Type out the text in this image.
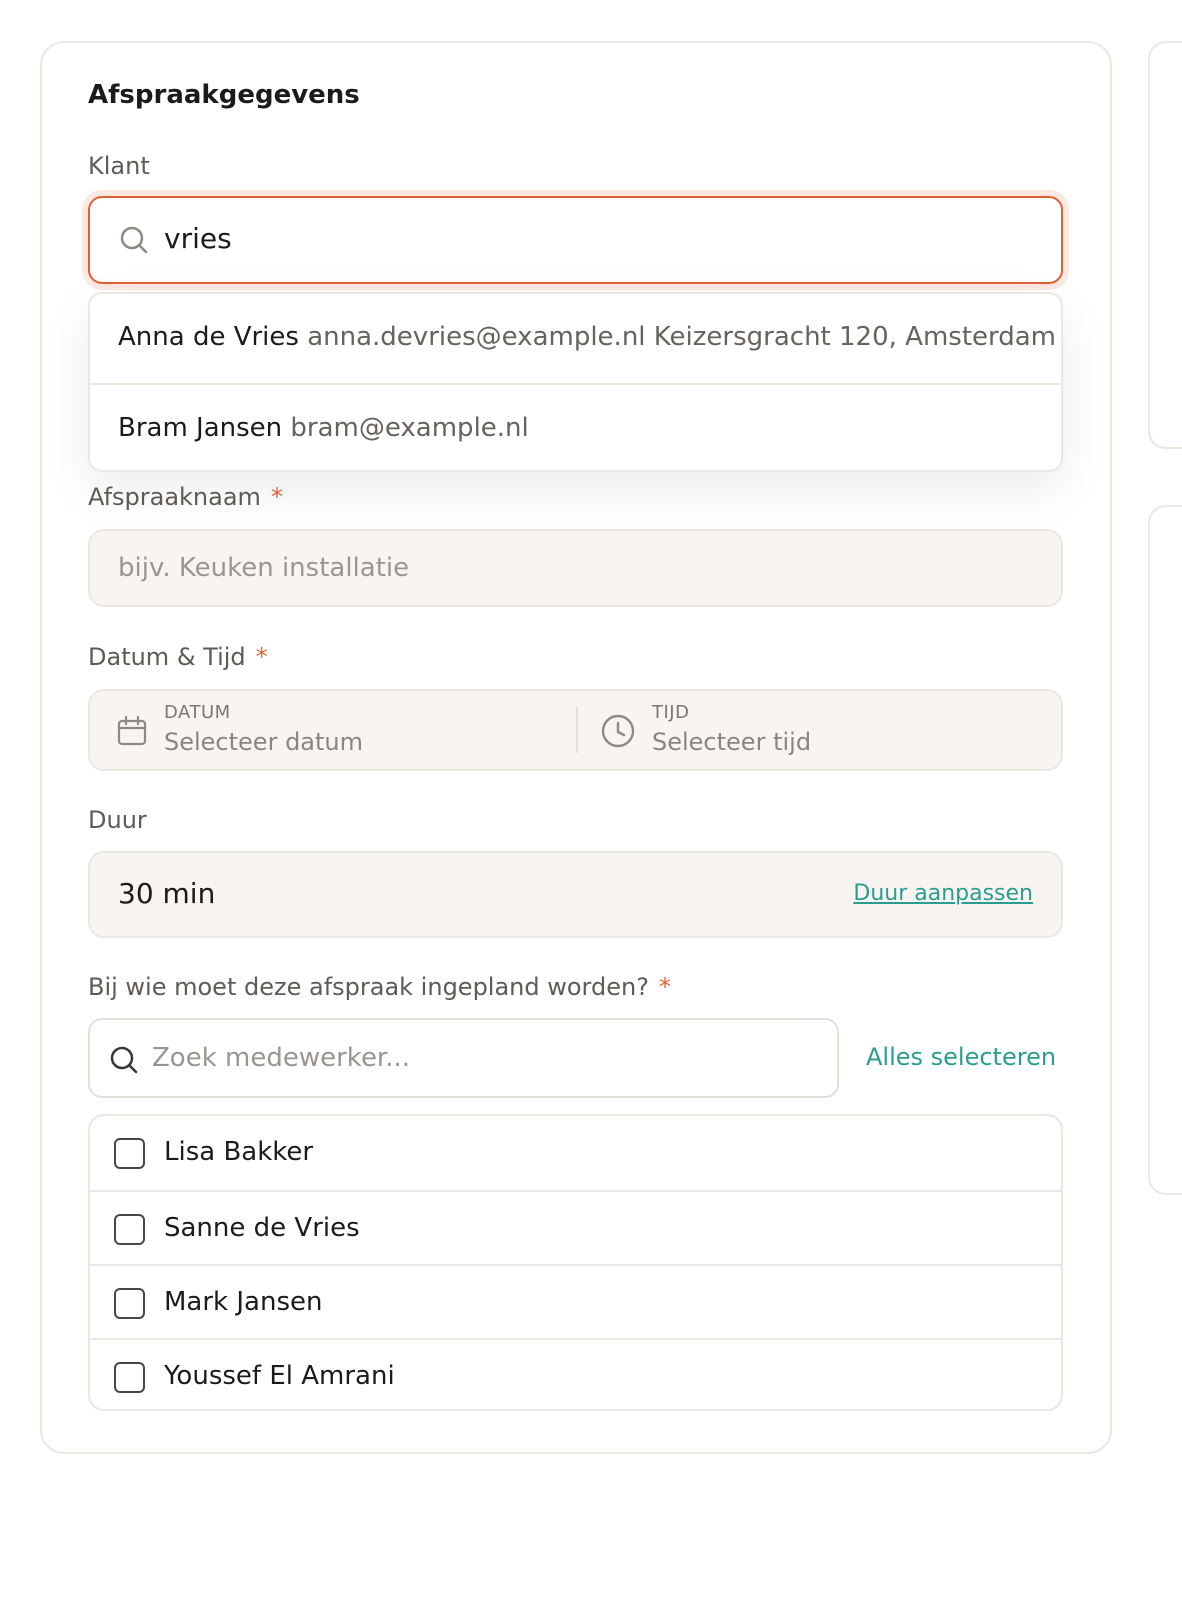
Afspraakgegevens
Klant
vries
Anna de Vries anna.devries@example.nl Keizersgracht 120, Amsterdam
Bram Jansen bram@example.nl
Afspraaknaam *
bijv. Keuken installatie
Datum & Tijd *
DATUM
Selecteer datum
TIJD
Selecteer tijd
Duur
30 min	Duur aanpassen
Bij wie moet deze afspraak ingepland worden? *
Zoek medewerker...	Alles selecteren
Lisa Bakker
Sanne de Vries
Mark Jansen
Youssef El Amrani
